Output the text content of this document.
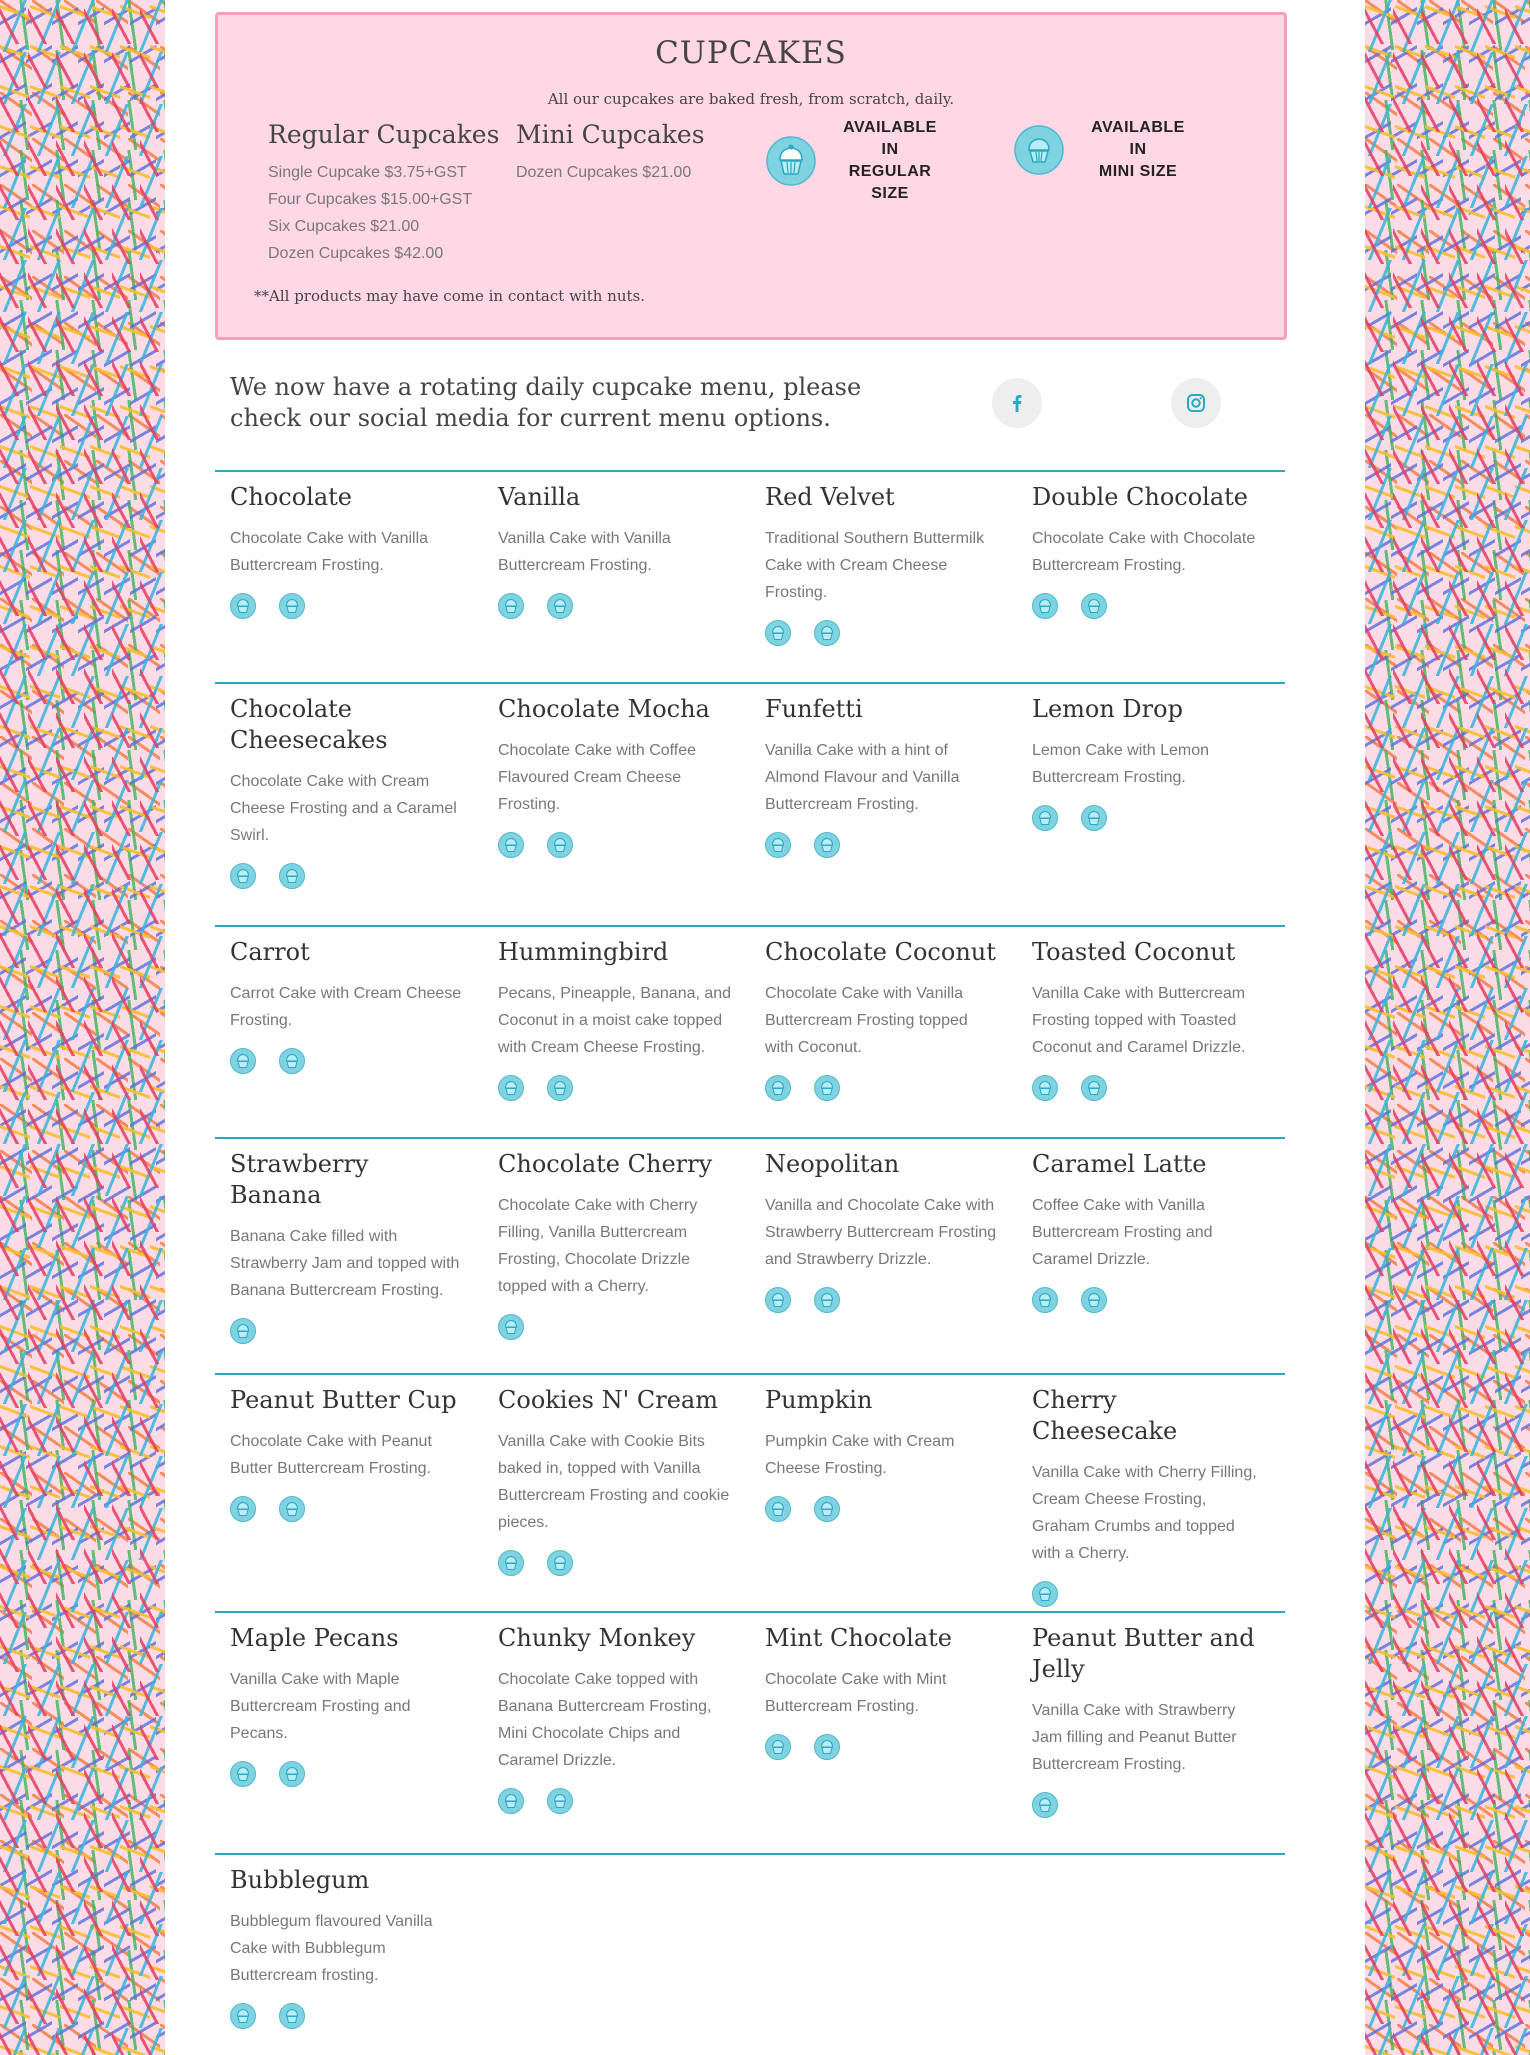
CUPCAKES
All our cupcakes are baked fresh, from scratch, daily.
Regular Cupcakes
Single Cupcake $3.75+GST
Four Cupcakes $15.00+GST
Six Cupcakes $21.00
Dozen Cupcakes $42.00
Mini Cupcakes
Dozen Cupcakes $21.00
AVAILABLE IN
REGULAR SIZE
AVAILABLE IN
MINI SIZE
**All products may have come in contact with nuts.
We now have a rotating daily cupcake menu, please check our social media for current menu options.
Chocolate

Chocolate Cake with Vanilla Buttercream Frosting.

Vanilla

Vanilla Cake with Vanilla Buttercream Frosting.

Red Velvet

Traditional Southern Buttermilk Cake with Cream Cheese Frosting.

Double Chocolate

Chocolate Cake with Chocolate Buttercream Frosting.

Chocolate Cheesecakes

Chocolate Cake with Cream Cheese Frosting and a Caramel Swirl.

Chocolate Mocha

Chocolate Cake with Coffee Flavoured Cream Cheese Frosting.

Funfetti

Vanilla Cake with a hint of Almond Flavour and Vanilla Buttercream Frosting.

Lemon Drop

Lemon Cake with Lemon Buttercream Frosting.

Carrot

Carrot Cake with Cream Cheese Frosting.

Hummingbird

Pecans, Pineapple, Banana, and Coconut in a moist cake topped with Cream Cheese Frosting.

Chocolate Coconut

Chocolate Cake with Vanilla Buttercream Frosting topped with Coconut.

Toasted Coconut

Vanilla Cake with Buttercream Frosting topped with Toasted Coconut and Caramel Drizzle.

Strawberry Banana

Banana Cake filled with Strawberry Jam and topped with Banana Buttercream Frosting.

Chocolate Cherry

Chocolate Cake with Cherry Filling, Vanilla Buttercream Frosting, Chocolate Drizzle topped with a Cherry.

Neopolitan

Vanilla and Chocolate Cake with Strawberry Buttercream Frosting and Strawberry Drizzle.

Caramel Latte

Coffee Cake with Vanilla Buttercream Frosting and Caramel Drizzle.

Peanut Butter Cup

Chocolate Cake with Peanut Butter Buttercream Frosting.

Cookies N' Cream

Vanilla Cake with Cookie Bits baked in, topped with Vanilla Buttercream Frosting and cookie pieces.

Pumpkin

Pumpkin Cake with Cream Cheese Frosting.

Cherry Cheesecake

Vanilla Cake with Cherry Filling, Cream Cheese Frosting, Graham Crumbs and topped with a Cherry.

Maple Pecans

Vanilla Cake with Maple Buttercream Frosting and Pecans.

Chunky Monkey

Chocolate Cake topped with Banana Buttercream Frosting, Mini Chocolate Chips and Caramel Drizzle.

Mint Chocolate

Chocolate Cake with Mint Buttercream Frosting.

Peanut Butter and Jelly

Vanilla Cake with Strawberry Jam filling and Peanut Butter Buttercream Frosting.

Bubblegum

Bubblegum flavoured Vanilla Cake with Bubblegum Buttercream frosting.
